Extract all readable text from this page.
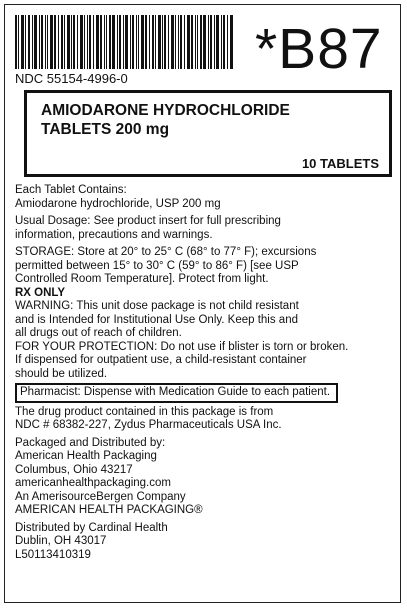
*B87
NDC 55154-4996-0
AMIODARONE HYDROCHLORIDE
TABLETS 200 mg
10 TABLETS
Each Tablet Contains:
Amiodarone hydrochloride, USP 200 mg
Usual Dosage: See product insert for full prescribing
information, precautions and warnings.
STORAGE: Store at 20° to 25° C (68° to 77° F); excursions
permitted between 15° to 30° C (59° to 86° F) [see USP
Controlled Room Temperature]. Protect from light.
RX ONLY
WARNING: This unit dose package is not child resistant
and is Intended for Institutional Use Only. Keep this and
all drugs out of reach of children.
FOR YOUR PROTECTION: Do not use if blister is torn or broken.
If dispensed for outpatient use, a child-resistant container
should be utilized.
Pharmacist: Dispense with Medication Guide to each patient.
The drug product contained in this package is from
NDC # 68382-227, Zydus Pharmaceuticals USA Inc.
Packaged and Distributed by:
American Health Packaging
Columbus, Ohio 43217
americanhealthpackaging.com
An AmerisourceBergen Company
AMERICAN HEALTH PACKAGING®
Distributed by Cardinal Health
Dublin, OH 43017
L50113410319
